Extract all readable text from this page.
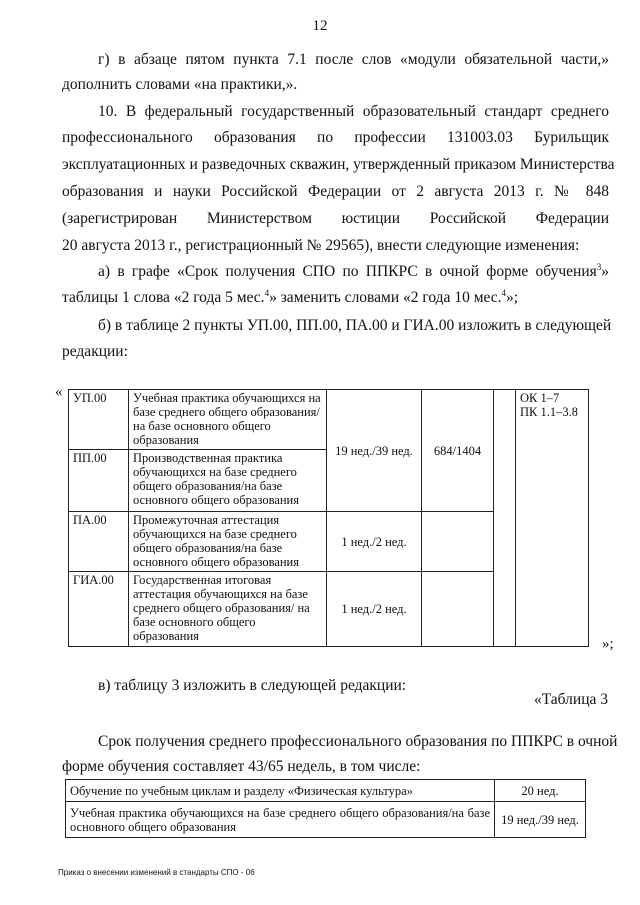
12
г) в абзаце пятом пункта 7.1 после слов «модули обязательной части,»
дополнить словами «на практики,».
10. В федеральный государственный образовательный стандарт среднего
профессионального образования по профессии 131003.03 Бурильщик
эксплуатационных и разведочных скважин, утвержденный приказом Министерства
образования и науки Российской Федерации от 2 августа 2013 г. № 848
(зарегистрирован Министерством юстиции Российской Федерации
20 августа 2013 г., регистрационный № 29565), внести следующие изменения:
а) в графе «Срок получения СПО по ППКРС в очной форме обучения$^3$»
таблицы 1 слова «2 года 5 мес.$^4$» заменить словами «2 года 10 мес.$^4$»;
б) в таблице 2 пункты УП.00, ПП.00, ПА.00 и ГИА.00 изложить в следующей
редакции:
« УП.00	Учебная практика обучающихся на базе среднего общего образования/на базе основного общего образования	19 нед./39 нед.	684/1404		ОК 1–7
ПК 1.1–3.8

ПП.00	Производственная практика обучающихся на базе среднего общего образования/на базе основного общего образования				
ПА.00	Промежуточная аттестация обучающихся на базе среднего общего образования/на базе основного общего образования	1 нед./2 нед.			
ГИА.00	Государственная итоговая аттестация обучающихся на базе среднего общего образования/ на базе основного общего образования	1 нед./2 нед.			
»;
в) таблицу 3 изложить в следующей редакции:
«Таблица 3
Срок получения среднего профессионального образования по ППКРС в очной
форме обучения составляет 43/65 недель, в том числе:
Обучение по учебным циклам и разделу «Физическая культура»	20 нед.
Учебная практика обучающихся на базе среднего общего образования/на базе основного общего образования	19 нед./39 нед.
Приказ о внесении изменений в стандарты СПО - 06
